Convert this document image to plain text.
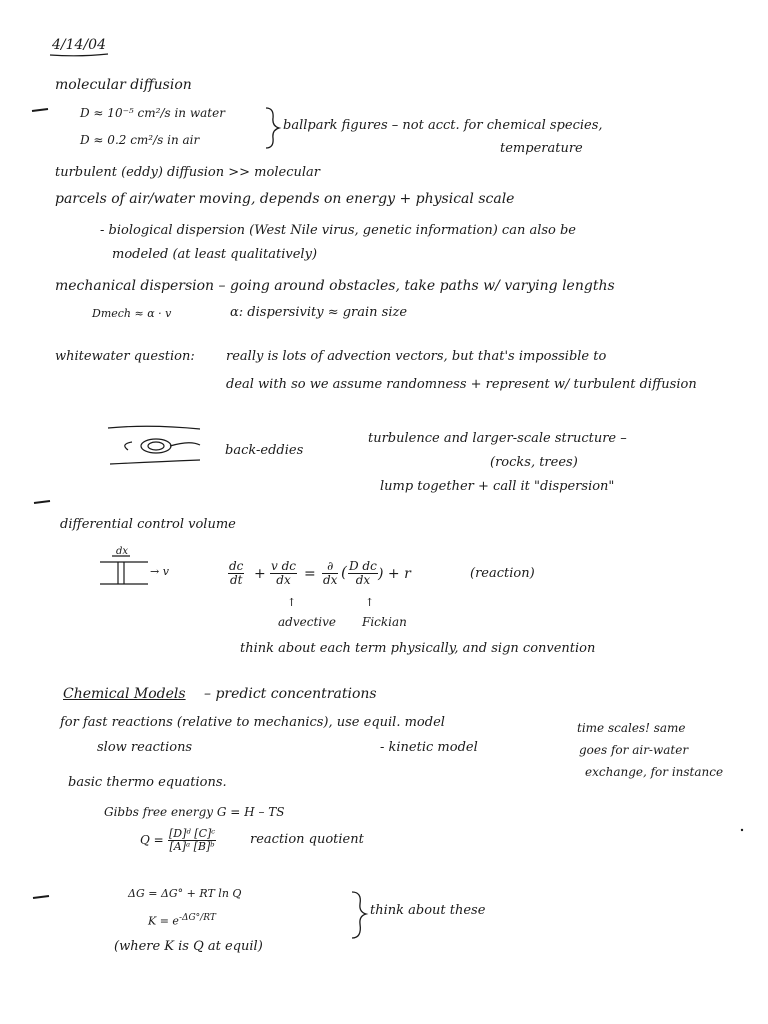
4/14/04
molecular diffusion
D ≈ 10⁻⁵ cm²/s in water
D ≈ 0.2 cm²/s in air
ballpark figures – not acct. for chemical species,
temperature
turbulent (eddy) diffusion >> molecular
parcels of air/water moving, depends on energy + physical scale
- biological dispersion (West Nile virus, genetic information) can also be
modeled (at least qualitatively)
mechanical dispersion – going around obstacles, take paths w/ varying lengths
Dmech ≈ α · v	α: dispersivity ≈ grain size
whitewater question: really is lots of advection vectors, but that's impossible to
deal with so we assume randomness + represent w/ turbulent diffusion
back-eddies
turbulence and larger-scale structure –
(rocks, trees)
lump together + call it "dispersion"
differential control volume
dx
→ v	$\frac{dc}{dt} + \frac{\text{v dc}}{dx}$ = ∂
dx ( $\frac{\text{D dc}}{dx}$ ) + r	(reaction)
↑	↑
advective Fickian
think about each term physically, and sign convention
Chemical Models – predict concentrations
for fast reactions (relative to mechanics), use equil. model
slow reactions	- kinetic model
time scales! same
goes for air-water
exchange, for instance
basic thermo equations.
Gibbs free energy G = H – TS
$Q = \frac{\text{[D]ᵈ [C]ᶜ}}{\text{[A]ᵃ [B]ᵇ}}$	reaction quotient
ΔG = ΔG° + RT ln Q
$K = e^{-\Delta G^\circ/RT}$
(where K is Q at equil)
think about these
